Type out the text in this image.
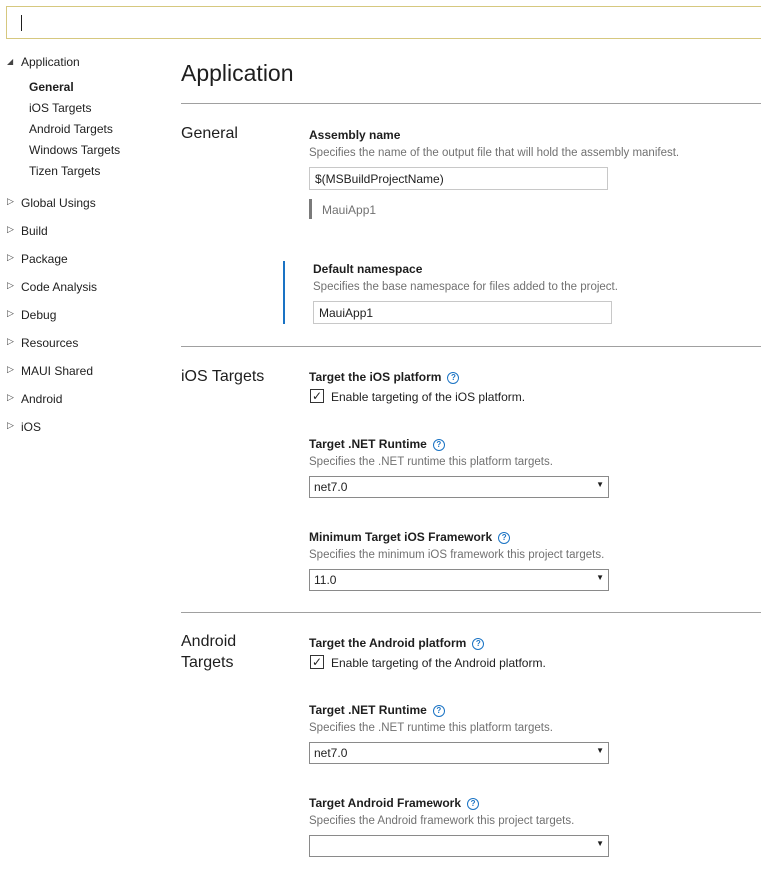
◢ Application
General
iOS Targets
Android Targets
Windows Targets
Tizen Targets
▷ Global Usings
▷ Build
▷ Package
▷ Code Analysis
▷ Debug
▷ Resources
▷ MAUI Shared
▷ Android
▷ iOS
Application
General	Assembly name
Specifies the name of the output file that will hold the assembly manifest.
$(MSBuildProjectName)
MauiApp1
Default namespace
Specifies the base namespace for files added to the project.
MauiApp1
iOS Targets	Target the iOS platform ?
✓ Enable targeting of the iOS platform.
Target .NET Runtime ?
Specifies the .NET runtime this platform targets.
net7.0	▼
Minimum Target iOS Framework ?
Specifies the minimum iOS framework this project targets.
11.0	▼
Android
Targets
Target the Android platform ?
✓ Enable targeting of the Android platform.
Target .NET Runtime ?
Specifies the .NET runtime this platform targets.
net7.0	▼
Target Android Framework ?
Specifies the Android framework this project targets.
▼
